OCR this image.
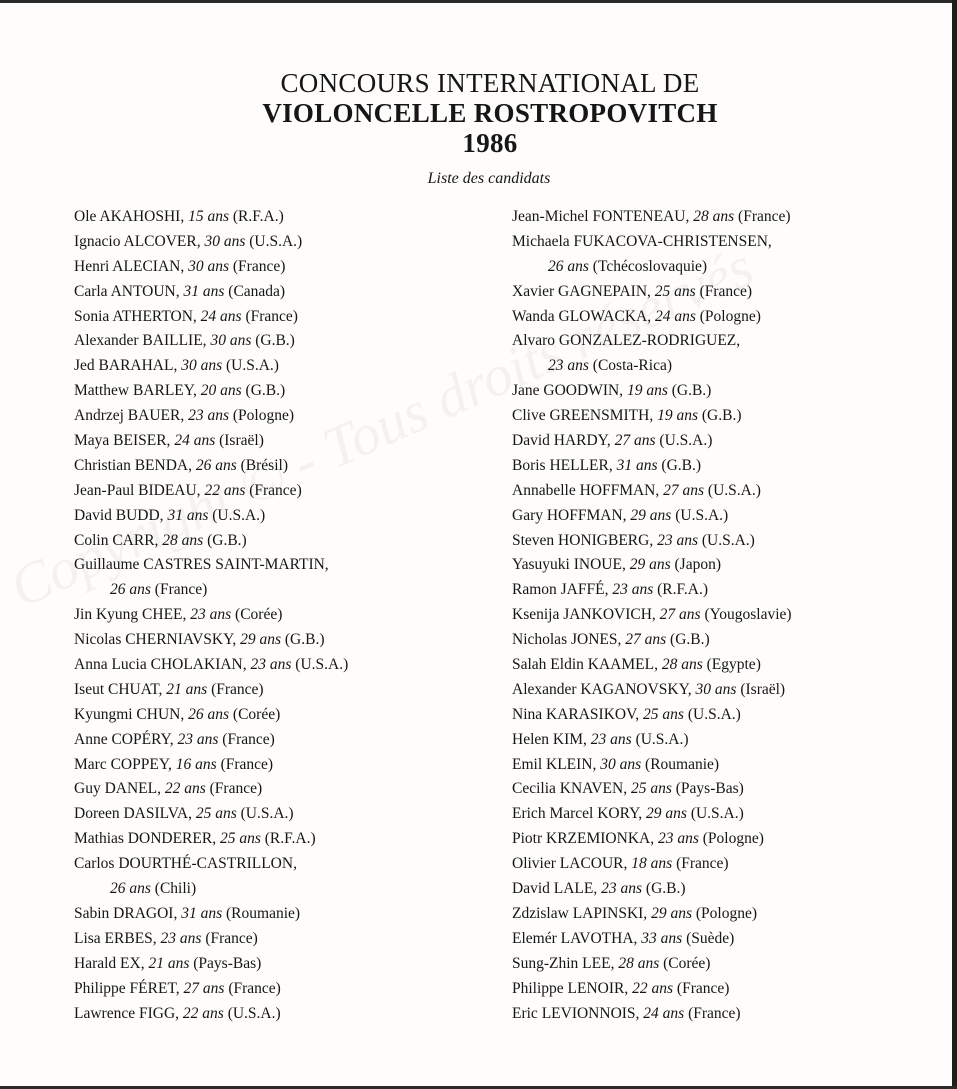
CONCOURS INTERNATIONAL DE
VIOLONCELLE ROSTROPOVITCH
1986
Liste des candidats
Ole AKAHOSHI, 15 ans (R.F.A.)
Ignacio ALCOVER, 30 ans (U.S.A.)
Henri ALECIAN, 30 ans (France)
Carla ANTOUN, 31 ans (Canada)
Sonia ATHERTON, 24 ans (France)
Alexander BAILLIE, 30 ans (G.B.)
Jed BARAHAL, 30 ans (U.S.A.)
Matthew BARLEY, 20 ans (G.B.)
Andrzej BAUER, 23 ans (Pologne)
Maya BEISER, 24 ans (Israël)
Christian BENDA, 26 ans (Brésil)
Jean-Paul BIDEAU, 22 ans (France)
David BUDD, 31 ans (U.S.A.)
Colin CARR, 28 ans (G.B.)
Guillaume CASTRES SAINT-MARTIN,
26 ans (France)
Jin Kyung CHEE, 23 ans (Corée)
Nicolas CHERNIAVSKY, 29 ans (G.B.)
Anna Lucia CHOLAKIAN, 23 ans (U.S.A.)
Iseut CHUAT, 21 ans (France)
Kyungmi CHUN, 26 ans (Corée)
Anne COPÉRY, 23 ans (France)
Marc COPPEY, 16 ans (France)
Guy DANEL, 22 ans (France)
Doreen DASILVA, 25 ans (U.S.A.)
Mathias DONDERER, 25 ans (R.F.A.)
Carlos DOURTHÉ-CASTRILLON,
26 ans (Chili)
Sabin DRAGOI, 31 ans (Roumanie)
Lisa ERBES, 23 ans (France)
Harald EX, 21 ans (Pays-Bas)
Philippe FÉRET, 27 ans (France)
Lawrence FIGG, 22 ans (U.S.A.)
Jean-Michel FONTENEAU, 28 ans (France)
Michaela FUKACOVA-CHRISTENSEN,
26 ans (Tchécoslovaquie)
Xavier GAGNEPAIN, 25 ans (France)
Wanda GLOWACKA, 24 ans (Pologne)
Alvaro GONZALEZ-RODRIGUEZ,
23 ans (Costa-Rica)
Jane GOODWIN, 19 ans (G.B.)
Clive GREENSMITH, 19 ans (G.B.)
David HARDY, 27 ans (U.S.A.)
Boris HELLER, 31 ans (G.B.)
Annabelle HOFFMAN, 27 ans (U.S.A.)
Gary HOFFMAN, 29 ans (U.S.A.)
Steven HONIGBERG, 23 ans (U.S.A.)
Yasuyuki INOUE, 29 ans (Japon)
Ramon JAFFÉ, 23 ans (R.F.A.)
Ksenija JANKOVICH, 27 ans (Yougoslavie)
Nicholas JONES, 27 ans (G.B.)
Salah Eldin KAAMEL, 28 ans (Egypte)
Alexander KAGANOVSKY, 30 ans (Israël)
Nina KARASIKOV, 25 ans (U.S.A.)
Helen KIM, 23 ans (U.S.A.)
Emil KLEIN, 30 ans (Roumanie)
Cecilia KNAVEN, 25 ans (Pays-Bas)
Erich Marcel KORY, 29 ans (U.S.A.)
Piotr KRZEMIONKA, 23 ans (Pologne)
Olivier LACOUR, 18 ans (France)
David LALE, 23 ans (G.B.)
Zdzislaw LAPINSKI, 29 ans (Pologne)
Elemér LAVOTHA, 33 ans (Suède)
Sung-Zhin LEE, 28 ans (Corée)
Philippe LENOIR, 22 ans (France)
Eric LEVIONNOIS, 24 ans (France)
